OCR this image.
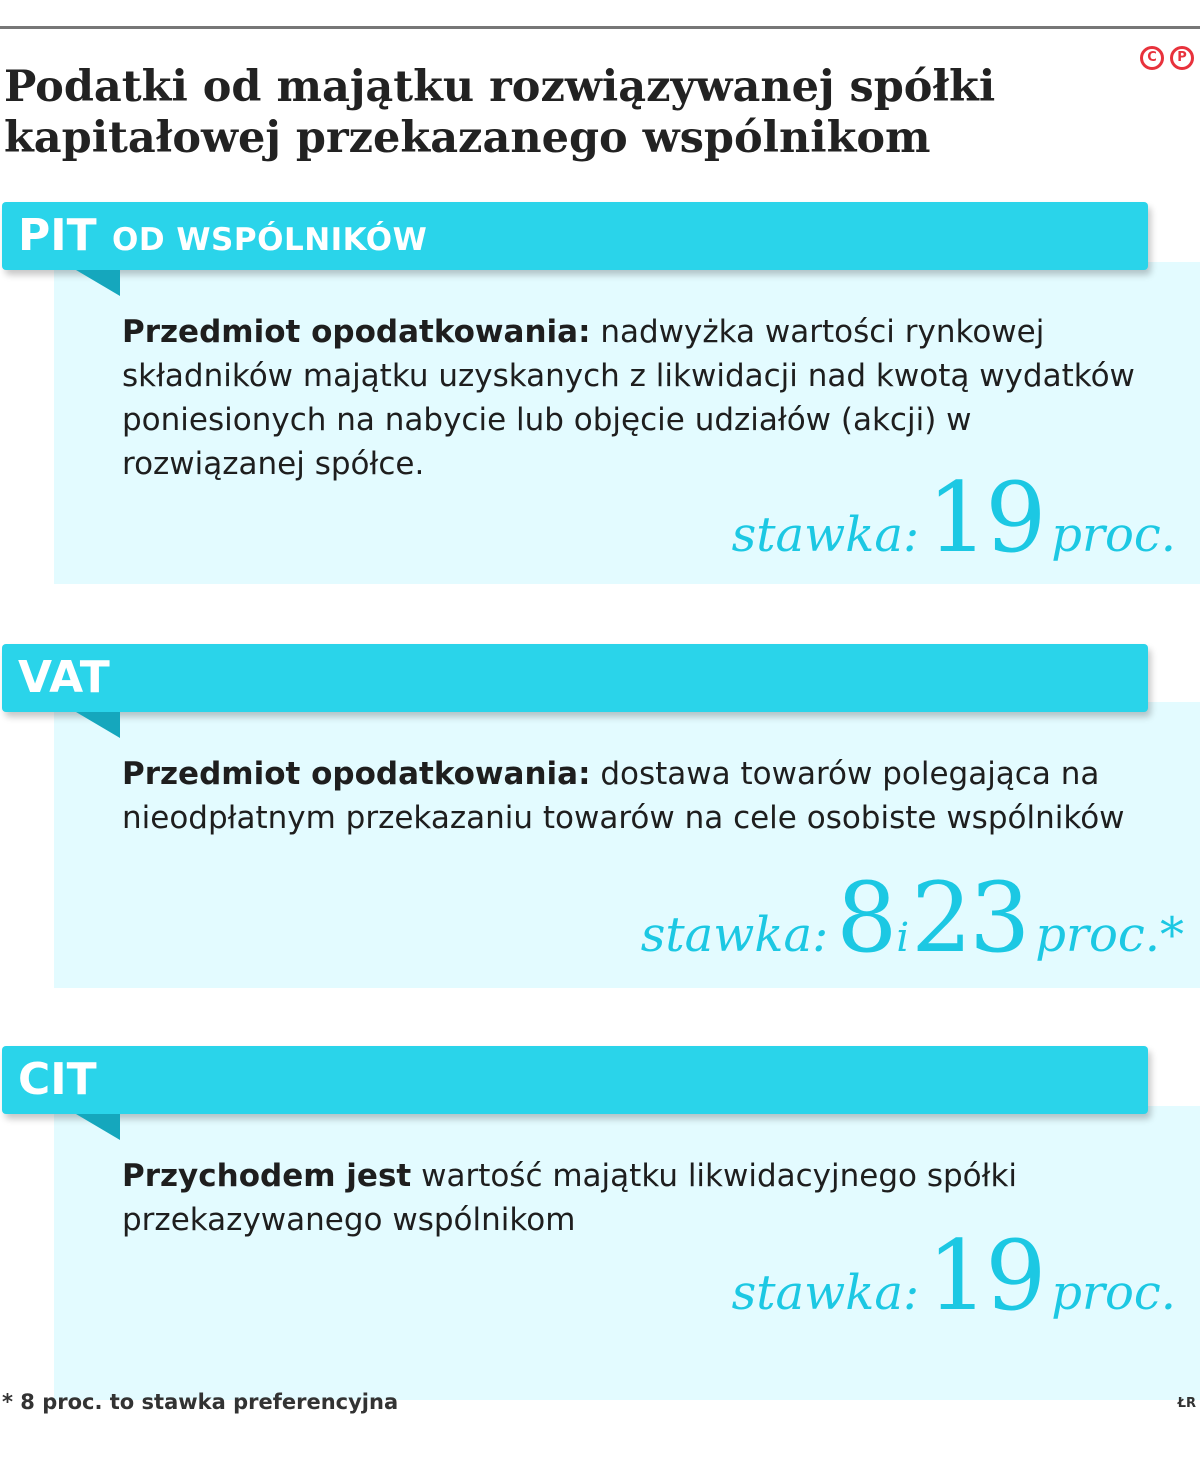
C	P
Podatki od majątku rozwiązywanej spółki kapitałowej przekazanego wspólnikom
PIT OD WSPÓLNIKÓW

Przedmiot opodatkowania: nadwyżka wartości rynkowej składników majątku uzyskanych z likwidacji nad kwotą wydatków poniesionych na nabycie lub objęcie udziałów (akcji) w rozwiązanej spółce.

stawka:19 proc.
VAT

Przedmiot opodatkowania: dostawa towarów polegająca na nieodpłatnym przekazaniu towarów na cele osobiste wspólników

stawka:8i23 proc.*
CIT

Przychodem jest wartość majątku likwidacyjnego spółki przekazywanego wspólnikom

stawka:19 proc.
* 8 proc. to stawka preferencyjna	ŁR
